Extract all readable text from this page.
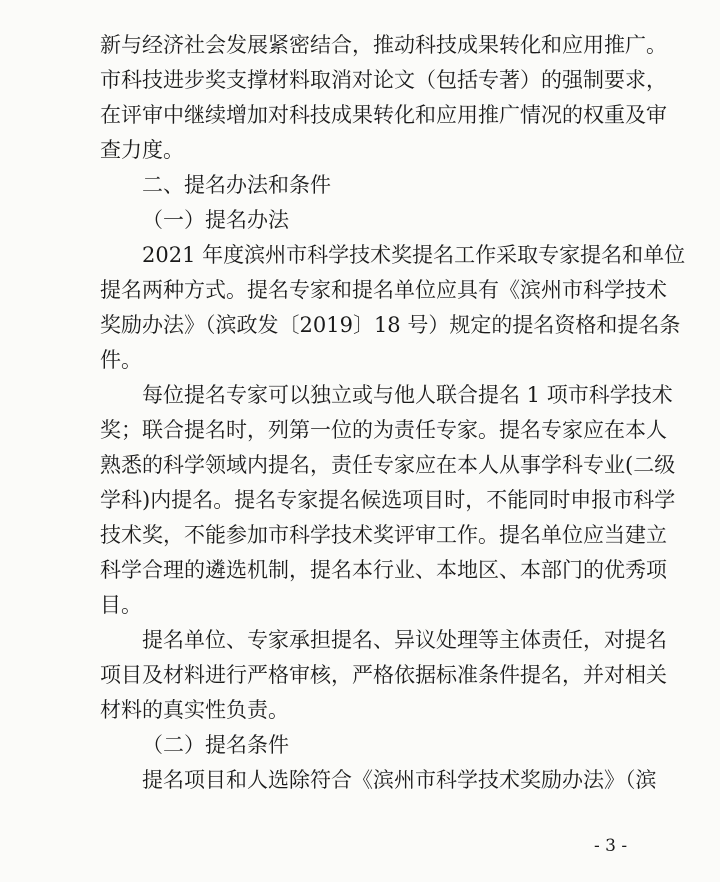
新与经济社会发展紧密结合，推动科技成果转化和应用推广。
市科技进步奖支撑材料取消对论文（包括专著）的强制要求，
在评审中继续增加对科技成果转化和应用推广情况的权重及审
查力度。
二、提名办法和条件
（一）提名办法
2021 年度滨州市科学技术奖提名工作采取专家提名和单位
提名两种方式。提名专家和提名单位应具有《滨州市科学技术
奖励办法》（滨政发〔2019〕18 号）规定的提名资格和提名条
件。
每位提名专家可以独立或与他人联合提名 1 项市科学技术
奖；联合提名时，列第一位的为责任专家。提名专家应在本人
熟悉的科学领域内提名，责任专家应在本人从事学科专业(二级
学科)内提名。提名专家提名候选项目时，不能同时申报市科学
技术奖，不能参加市科学技术奖评审工作。提名单位应当建立
科学合理的遴选机制，提名本行业、本地区、本部门的优秀项
目。
提名单位、专家承担提名、异议处理等主体责任，对提名
项目及材料进行严格审核，严格依据标准条件提名，并对相关
材料的真实性负责。
（二）提名条件
提名项目和人选除符合《滨州市科学技术奖励办法》（滨
- 3 -
